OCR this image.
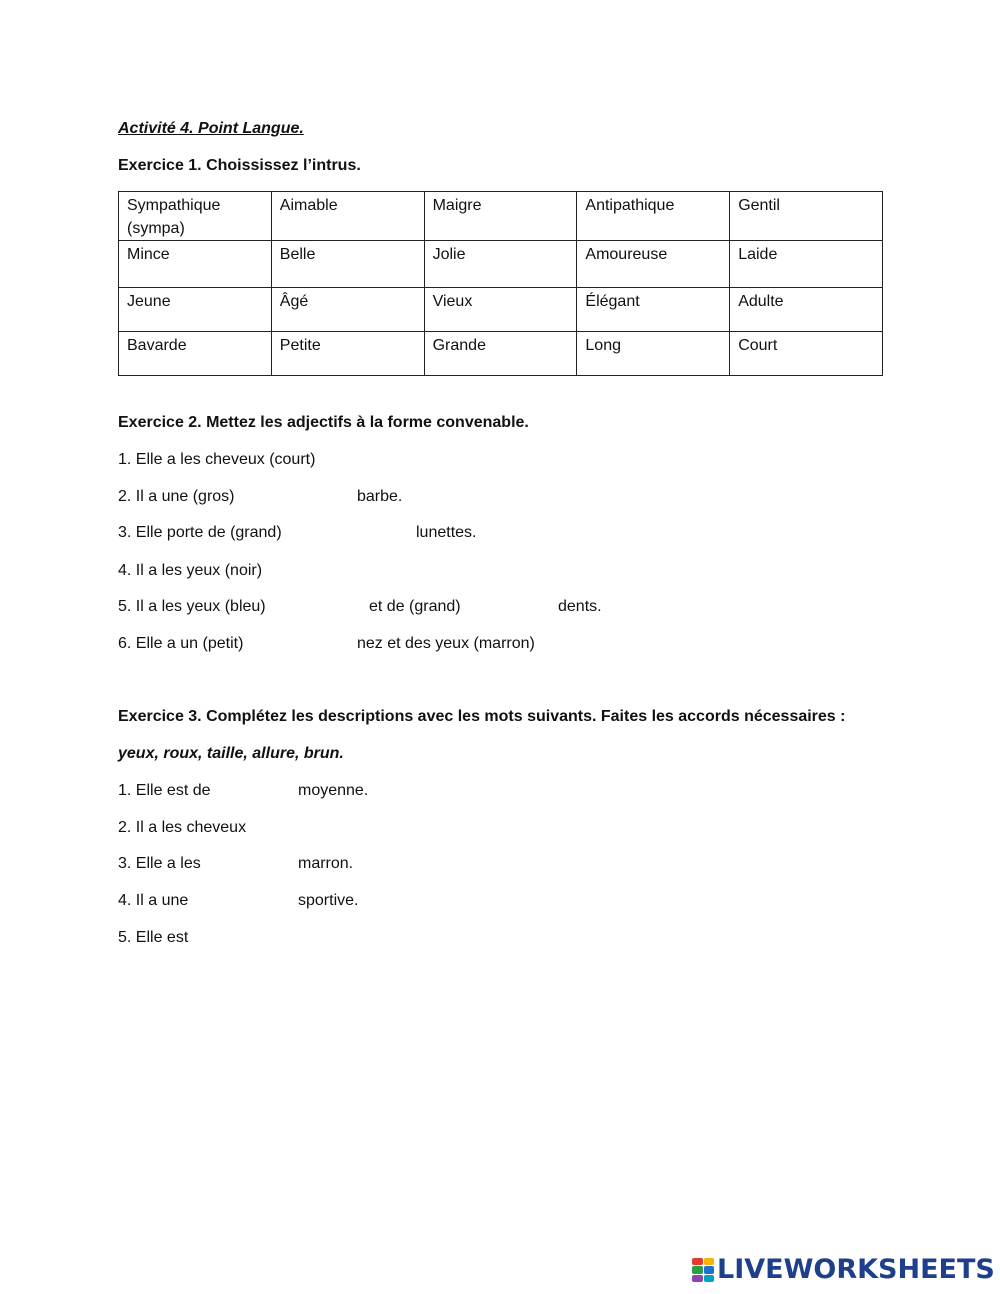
Activité 4. Point Langue.
Exercice 1. Choississez l’intrus.
Sympathique (sympa)	Aimable	Maigre	Antipathique	Gentil
Mince	Belle	Jolie	Amoureuse	Laide
Jeune	Âgé	Vieux	Élégant	Adulte
Bavarde	Petite	Grande	Long	Court
Exercice 2. Mettez les adjectifs à la forme convenable.
1. Elle a les cheveux (court)
2. Il a une (gros)	barbe.
3. Elle porte de (grand)	lunettes.
4. Il a les yeux (noir)
5. Il a les yeux (bleu)	et de (grand)	dents.
6. Elle a un (petit)	nez et des yeux (marron)
Exercice 3. Complétez les descriptions avec les mots suivants. Faites les accords nécessaires :
yeux, roux, taille, allure, brun.
1. Elle est de	moyenne.
2. Il a les cheveux
3. Elle a les	marron.
4. Il a une	sportive.
5. Elle est
LIVEWORKSHEETS
